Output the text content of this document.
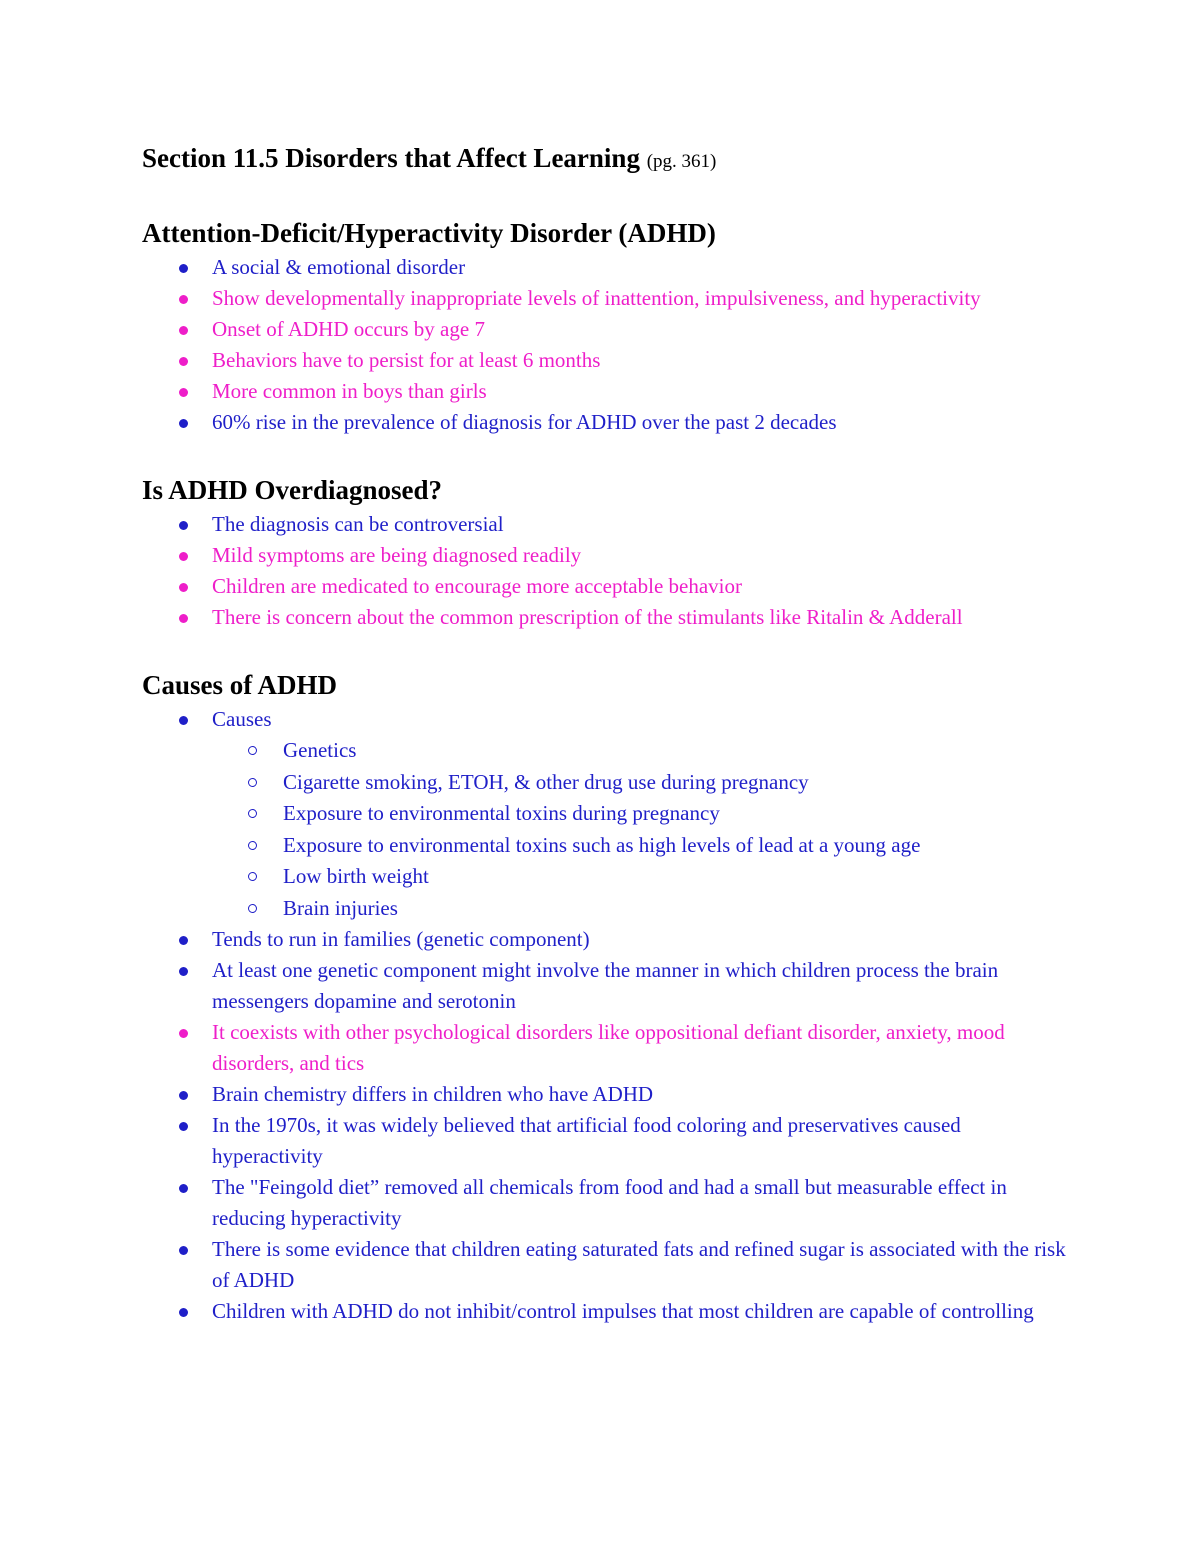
Section 11.5 Disorders that Affect Learning (pg. 361)
Attention-Deficit/Hyperactivity Disorder (ADHD)
A social & emotional disorder
Show developmentally inappropriate levels of inattention, impulsiveness, and hyperactivity
Onset of ADHD occurs by age 7
Behaviors have to persist for at least 6 months
More common in boys than girls
60% rise in the prevalence of diagnosis for ADHD over the past 2 decades
Is ADHD Overdiagnosed?
The diagnosis can be controversial
Mild symptoms are being diagnosed readily
Children are medicated to encourage more acceptable behavior
There is concern about the common prescription of the stimulants like Ritalin & Adderall
Causes of ADHD
Causes
Genetics
Cigarette smoking, ETOH, & other drug use during pregnancy
Exposure to environmental toxins during pregnancy
Exposure to environmental toxins such as high levels of lead at a young age
Low birth weight
Brain injuries
Tends to run in families (genetic component)
At least one genetic component might involve the manner in which children process the brain messengers dopamine and serotonin
It coexists with other psychological disorders like oppositional defiant disorder, anxiety, mood disorders, and tics
Brain chemistry differs in children who have ADHD
In the 1970s, it was widely believed that artificial food coloring and preservatives caused hyperactivity
The "Feingold diet” removed all chemicals from food and had a small but measurable effect in reducing hyperactivity
There is some evidence that children eating saturated fats and refined sugar is associated with the risk of ADHD
Children with ADHD do not inhibit/control impulses that most children are capable of controlling
